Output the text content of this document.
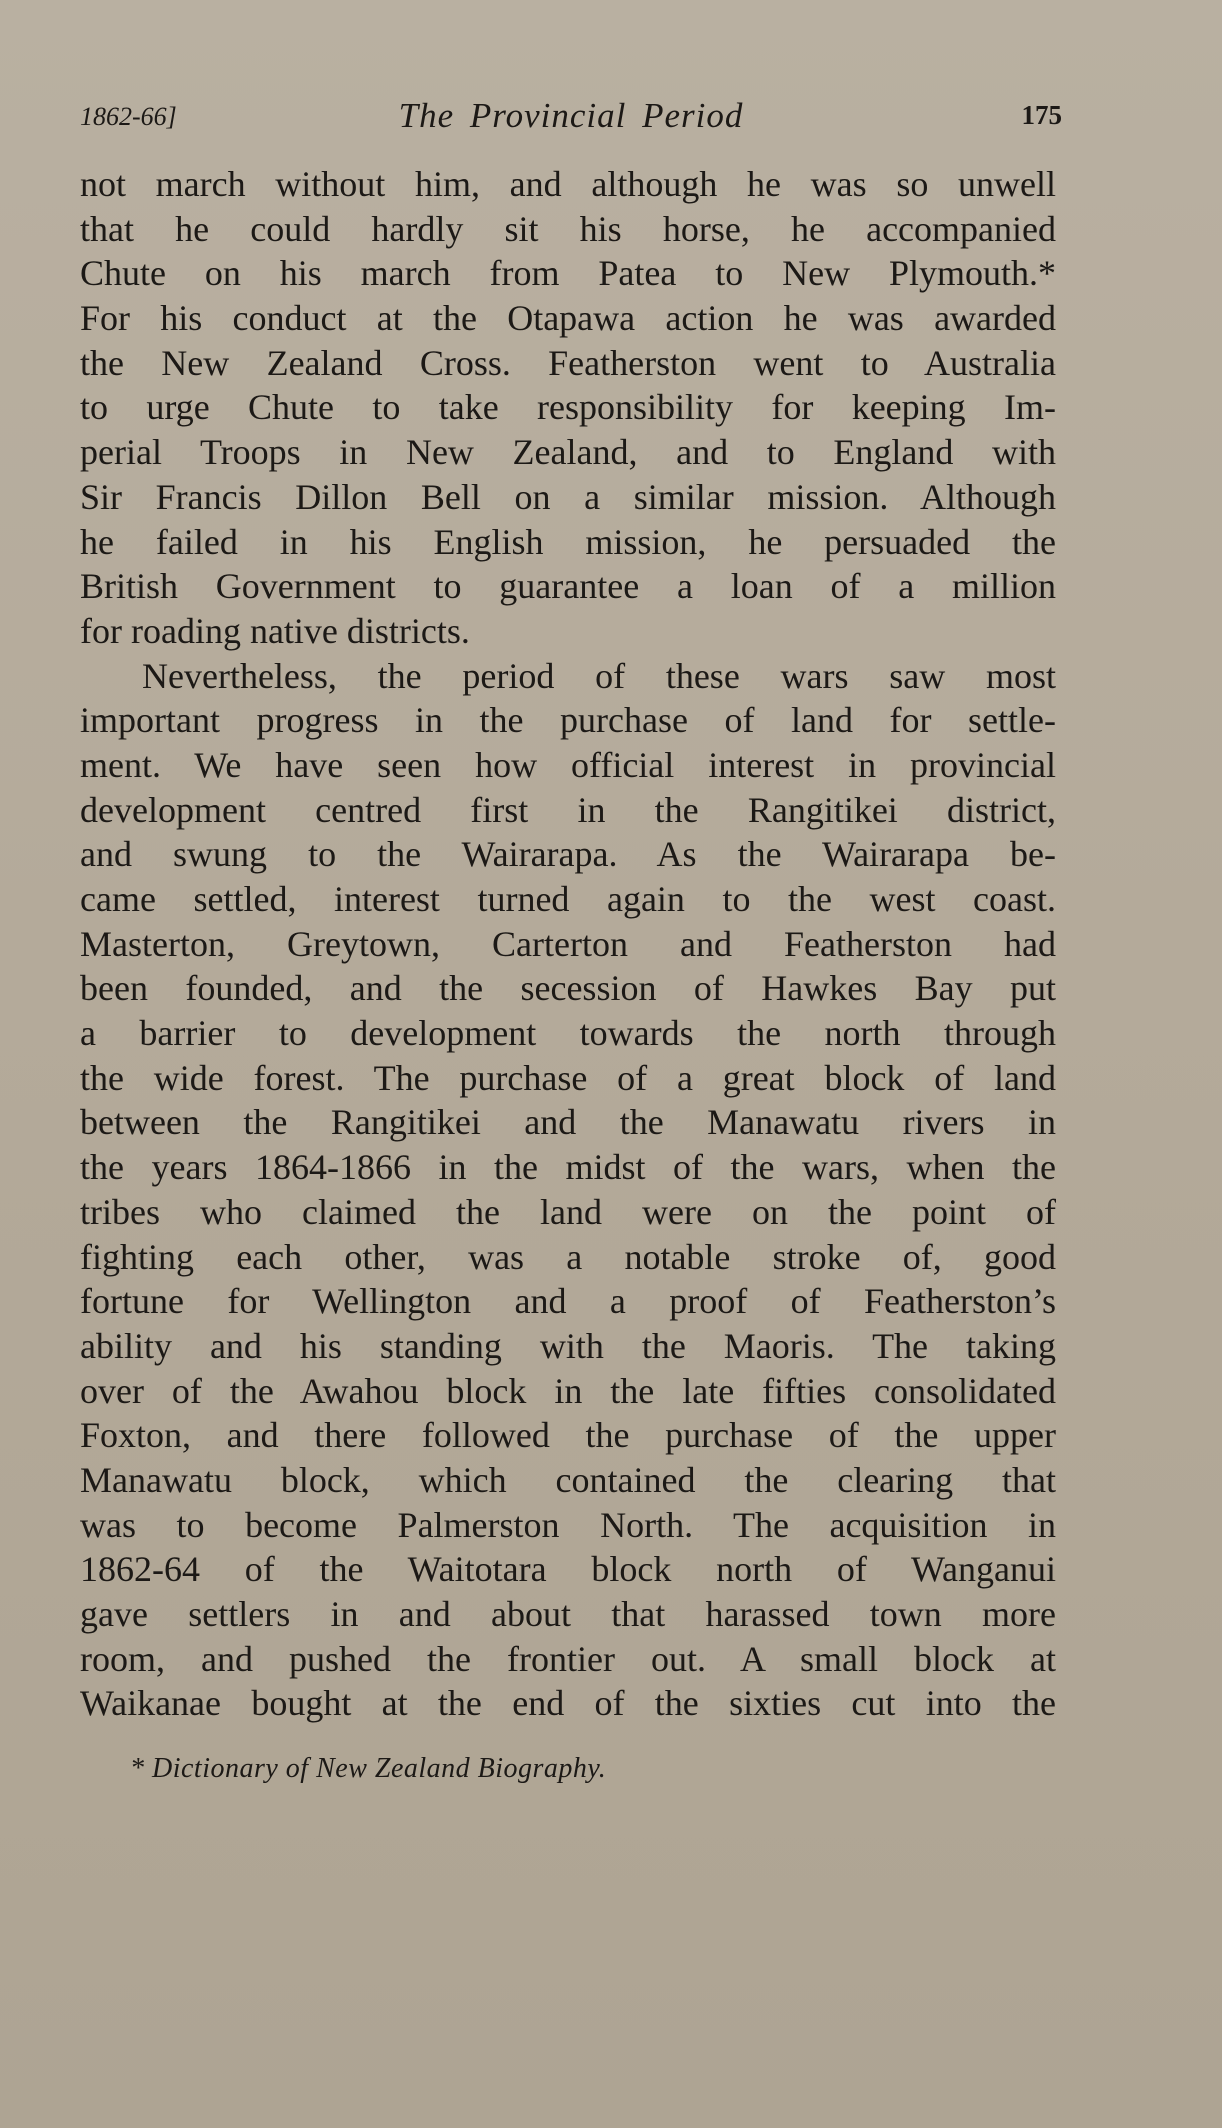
1862-66]	The Provincial Period	175
not march without him, and although he was so unwell
that he could hardly sit his horse, he accompanied
Chute on his march from Patea to New Plymouth.*
For his conduct at the Otapawa action he was awarded
the New Zealand Cross. Featherston went to Australia
to urge Chute to take responsibility for keeping Im-
perial Troops in New Zealand, and to England with
Sir Francis Dillon Bell on a similar mission. Although
he failed in his English mission, he persuaded the
British Government to guarantee a loan of a million
for roading native districts.
Nevertheless, the period of these wars saw most
important progress in the purchase of land for settle-
ment. We have seen how official interest in provincial
development centred first in the Rangitikei district,
and swung to the Wairarapa. As the Wairarapa be-
came settled, interest turned again to the west coast.
Masterton, Greytown, Carterton and Featherston had
been founded, and the secession of Hawkes Bay put
a barrier to development towards the north through
the wide forest. The purchase of a great block of land
between the Rangitikei and the Manawatu rivers in
the years 1864-1866 in the midst of the wars, when the
tribes who claimed the land were on the point of
fighting each other, was a notable stroke of, good
fortune for Wellington and a proof of Featherston’s
ability and his standing with the Maoris. The taking
over of the Awahou block in the late fifties consolidated
Foxton, and there followed the purchase of the upper
Manawatu block, which contained the clearing that
was to become Palmerston North. The acquisition in
1862-64 of the Waitotara block north of Wanganui
gave settlers in and about that harassed town more
room, and pushed the frontier out. A small block at
Waikanae bought at the end of the sixties cut into the
* Dictionary of New Zealand Biography.
